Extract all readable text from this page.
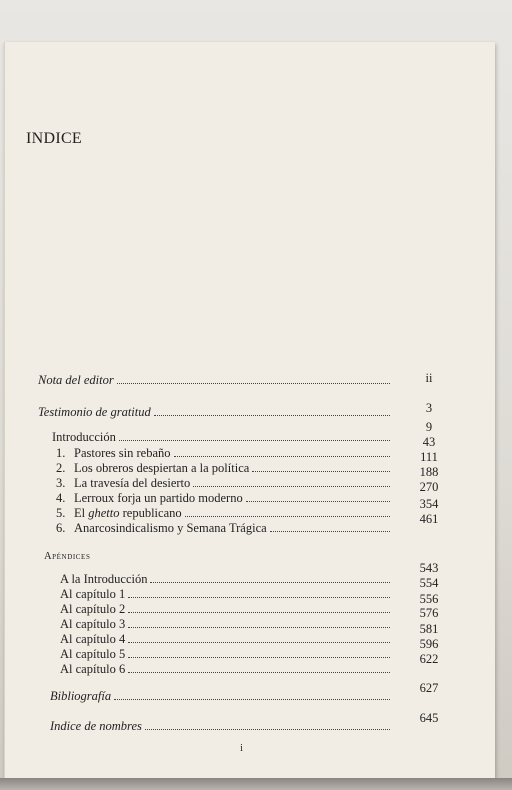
INDICE
Nota del editor	ii
Testimonio de gratitud	3
Introducción
9
1. Pastores sin rebaño
43
2. Los obreros despiertan a la política
111
3. La travesía del desierto
188
4. Lerroux forja un partido moderno
270
5. El ghetto republicano
354
6. Anarcosindicalismo y Semana Trágica
461
Apéndices
A la Introducción
543
Al capítulo 1
554
Al capítulo 2
556
Al capítulo 3
576
Al capítulo 4
581
Al capítulo 5
596
Al capítulo 6
622
Bibliografía
627
Indice de nombres
645
i
